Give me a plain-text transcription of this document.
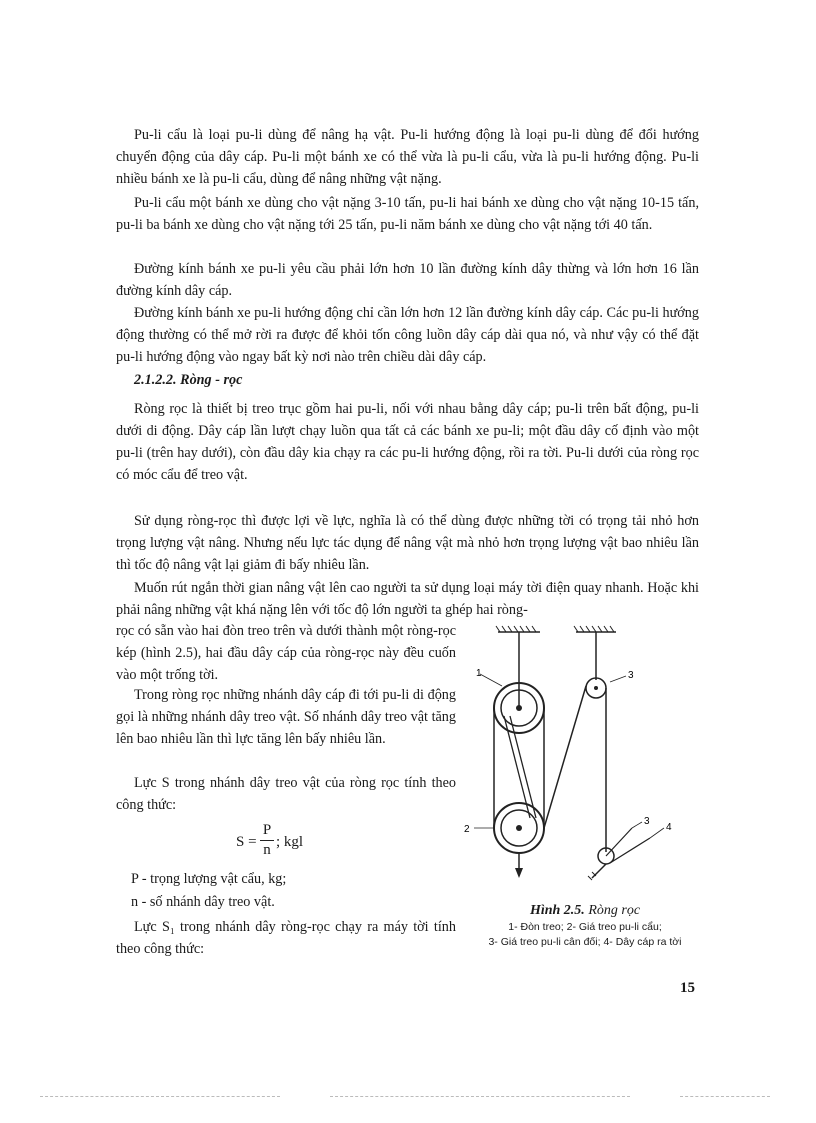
Pu-li cẩu là loại pu-li dùng để nâng hạ vật. Pu-li hướng động là loại pu-li dùng để đổi hướng chuyển động của dây cáp. Pu-li một bánh xe có thể vừa là pu-li cẩu, vừa là pu-li hướng động. Pu-li nhiều bánh xe là pu-li cẩu, dùng để nâng những vật nặng.

Pu-li cẩu một bánh xe dùng cho vật nặng 3-10 tấn, pu-li hai bánh xe dùng cho vật nặng 10-15 tấn, pu-li ba bánh xe dùng cho vật nặng tới 25 tấn, pu-li năm bánh xe dùng cho vật nặng tới 40 tấn.

Đường kính bánh xe pu-li yêu cầu phải lớn hơn 10 lần đường kính dây thừng và lớn hơn 16 lần đường kính dây cáp.

Đường kính bánh xe pu-li hướng động chỉ cần lớn hơn 12 lần đường kính dây cáp. Các pu-li hướng động thường có thể mở rời ra được để khỏi tốn công luồn dây cáp dài qua nó, và như vậy có thể đặt pu-li hướng động vào ngay bất kỳ nơi nào trên chiều dài dây cáp.

2.1.2.2. Ròng - rọc

Ròng rọc là thiết bị treo trục gồm hai pu-li, nối với nhau bằng dây cáp; pu-li trên bất động, pu-li dưới di động. Dây cáp lần lượt chạy luồn qua tất cả các bánh xe pu-li; một đầu dây cố định vào một pu-li (trên hay dưới), còn đầu dây kia chạy ra các pu-li hướng động, rồi ra tời. Pu-li dưới của ròng rọc có móc cẩu để treo vật.

Sử dụng ròng-rọc thì được lợi về lực, nghĩa là có thể dùng được những tời có trọng tải nhỏ hơn trọng lượng vật nâng. Nhưng nếu lực tác dụng để nâng vật mà nhỏ hơn trọng lượng vật bao nhiêu lần thì tốc độ nâng vật lại giảm đi bấy nhiêu lần.

Muốn rút ngắn thời gian nâng vật lên cao người ta sử dụng loại máy tời điện quay nhanh. Hoặc khi phải nâng những vật khá nặng lên với tốc độ lớn người ta ghép hai ròng-

rọc có sẵn vào hai đòn treo trên và dưới thành một ròng-rọc kép (hình 2.5), hai đầu dây cáp của ròng-rọc này đều cuốn vào một trống tời.

Trong ròng rọc những nhánh dây cáp đi tới pu-li di động gọi là những nhánh dây treo vật. Số nhánh dây treo vật tăng lên bao nhiêu lần thì lực tăng lên bấy nhiêu lần.

Lực S trong nhánh dây treo vật của ròng rọc tính theo công thức:

S =
P
n ; kgl

P - trọng lượng vật cẩu, kg;

n - số nhánh dây treo vật.

Lực S₁ trong nhánh dây ròng-rọc chạy ra máy tời tính theo công thức:

1
2
3
3
4
Hình 2.5. Ròng rọc
1- Đòn treo; 2- Giá treo pu-li cẩu;
3- Giá treo pu-li cân đối; 4- Dây cáp ra tời

15
